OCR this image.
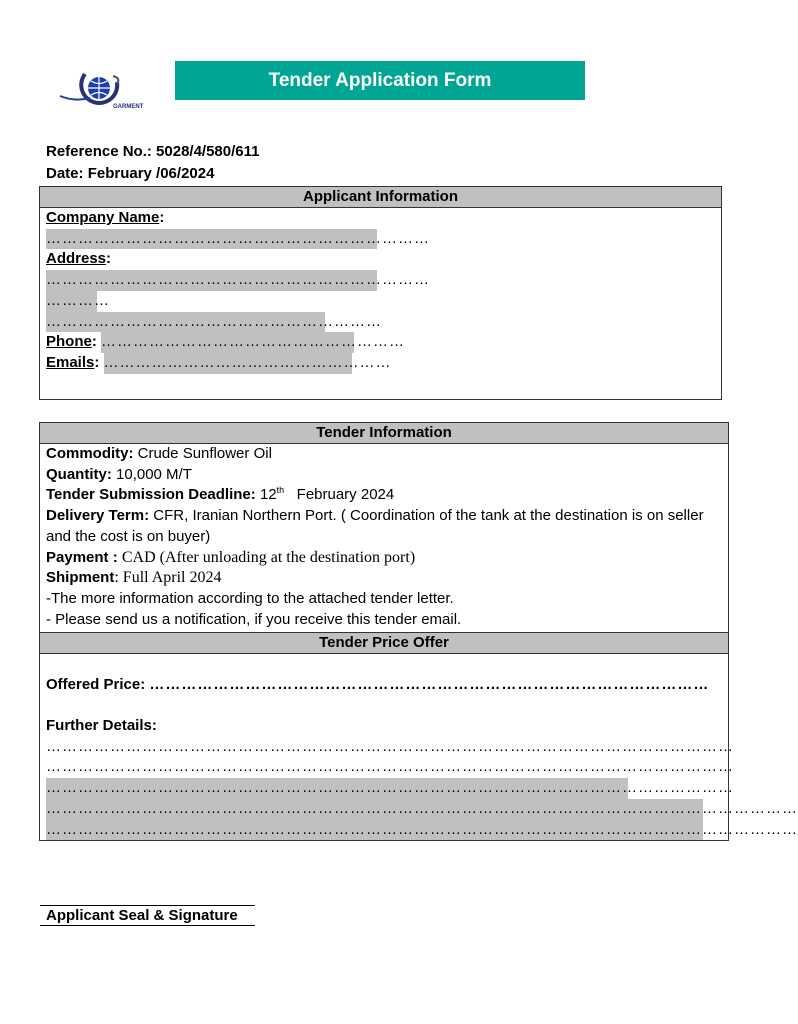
GARMENT
Tender Application Form
Reference No.: 5028/4/580/611
Date: February /06/2024
Applicant Information
Company Name:
………………………………………………………………
Address:
………………………………………………………………
…………
………………………………………………………
Phone: …………………………………………………
Emails: ………………………………………………
Tender Information
Commodity: Crude Sunflower Oil
Quantity: 10,000 M/T
Tender Submission Deadline: 12th February 2024
Delivery Term: CFR, Iranian Northern Port. ( Coordination of the tank at the destination is on seller and the cost is on buyer)
Payment : CAD (After unloading at the destination port)
Shipment: Full April 2024
-The more information according to the attached tender letter.
- Please send us a notification, if you receive this tender email.
Tender Price Offer
Offered Price: ……………………………………………………………………………………………
Further Details:
…………………………………………………………………………………………………………………
…………………………………………………………………………………………………………………
…………………………………………………………………………………………………………………
……………………………………………………………………………………………………………………………
……………………………………………………………………………………………………………………………
Applicant Seal & Signature
